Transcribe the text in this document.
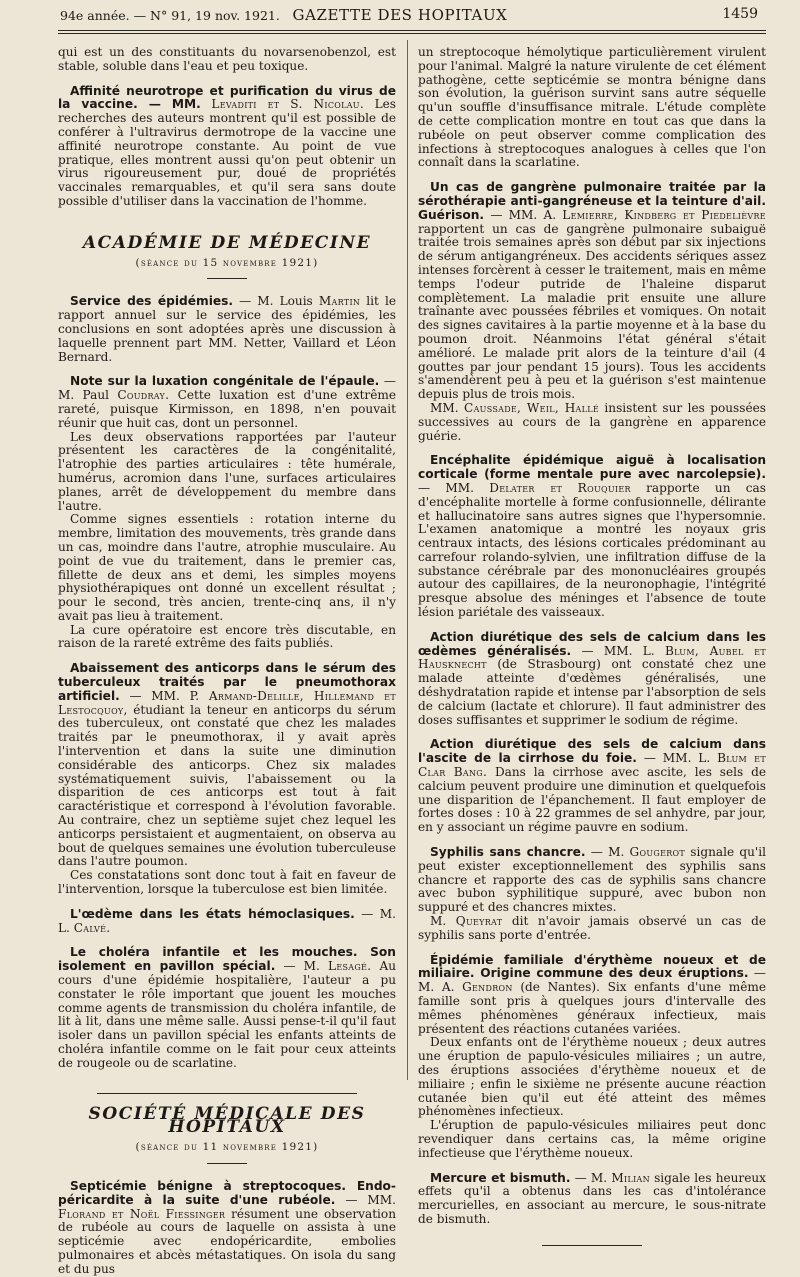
94e année. — N° 91, 19 nov. 1921. GAZETTE DES HOPITAUX	1459

qui est un des constituants du novarsenobenzol, est stable, soluble dans l'eau et peu toxique.

Affinité neurotrope et purification du virus de la vaccine. — MM. Levaditi et S. Nicolau. Les recherches des auteurs montrent qu'il est possible de conférer à l'ultravirus dermotrope de la vaccine une affinité neurotrope constante. Au point de vue pratique, elles montrent aussi qu'on peut obtenir un virus rigoureusement pur, doué de propriétés vaccinales remarquables, et qu'il sera sans doute possible d'utiliser dans la vaccination de l'homme.

ACADÉMIE DE MÉDECINE
(séance du 15 novembre 1921)

Service des épidémies. — M. Louis Martin lit le rapport annuel sur le service des épidémies, les conclusions en sont adoptées après une discussion à laquelle prennent part MM. Netter, Vaillard et Léon Bernard.

Note sur la luxation congénitale de l'épaule. — M. Paul Coudray. Cette luxation est d'une extrême rareté, puisque Kirmisson, en 1898, n'en pouvait réunir que huit cas, dont un personnel.

Les deux observations rapportées par l'auteur présentent les caractères de la congénitalité, l'atrophie des parties articulaires : tête humérale, humérus, acromion dans l'une, surfaces articulaires planes, arrêt de développement du membre dans l'autre.

Comme signes essentiels : rotation interne du membre, limitation des mouvements, très grande dans un cas, moindre dans l'autre, atrophie musculaire. Au point de vue du traitement, dans le premier cas, fillette de deux ans et demi, les simples moyens physiothérapiques ont donné un excellent résultat ; pour le second, très ancien, trente-cinq ans, il n'y avait pas lieu à traitement.

La cure opératoire est encore très discutable, en raison de la rareté extrême des faits publiés.

Abaissement des anticorps dans le sérum des tuberculeux traités par le pneumothorax artificiel. — MM. P. Armand-Delille, Hillemand et Lestocquoy, étudiant la teneur en anticorps du sérum des tuberculeux, ont constaté que chez les malades traités par le pneumothorax, il y avait après l'intervention et dans la suite une diminution considérable des anticorps. Chez six malades systématiquement suivis, l'abaissement ou la disparition de ces anticorps est tout à fait caractéristique et correspond à l'évolution favorable. Au contraire, chez un septième sujet chez lequel les anticorps persistaient et augmentaient, on observa au bout de quelques semaines une évolution tuberculeuse dans l'autre poumon.

Ces constatations sont donc tout à fait en faveur de l'intervention, lorsque la tuberculose est bien limitée.

L'œdème dans les états hémoclasiques. — M. L. Calvé.

Le choléra infantile et les mouches. Son isolement en pavillon spécial. — M. Lesagé. Au cours d'une épidémie hospitalière, l'auteur a pu constater le rôle important que jouent les mouches comme agents de transmission du choléra infantile, de lit à lit, dans une même salle. Aussi pense-t-il qu'il faut isoler dans un pavillon spécial les enfants atteints de choléra infantile comme on le fait pour ceux atteints de rougeole ou de scarlatine.

SOCIÉTÉ MÉDICALE DES HOPITAUX
(séance du 11 novembre 1921)

Septicémie bénigne à streptocoques. Endo-péricardite à la suite d'une rubéole. — MM. Florand et Noël Fiessinger résument une observation de rubéole au cours de laquelle on assista à une septicémie avec endopéricardite, embolies pulmonaires et abcès métastatiques. On isola du sang et du pus

un streptocoque hémolytique particulièrement virulent pour l'animal. Malgré la nature virulente de cet élément pathogène, cette septicémie se montra bénigne dans son évolution, la guérison survint sans autre séquelle qu'un souffle d'insuffisance mitrale. L'étude complète de cette complication montre en tout cas que dans la rubéole on peut observer comme complication des infections à streptocoques analogues à celles que l'on connaît dans la scarlatine.

Un cas de gangrène pulmonaire traitée par la sérothérapie anti-gangréneuse et la teinture d'ail. Guérison. — MM. A. Lemierre, Kindberg et Piedelièvre rapportent un cas de gangrène pulmonaire subaiguë traitée trois semaines après son début par six injections de sérum antigangréneux. Des accidents sériques assez intenses forcèrent à cesser le traitement, mais en même temps l'odeur putride de l'haleine disparut complètement. La maladie prit ensuite une allure traînante avec poussées fébriles et vomiques. On notait des signes cavitaires à la partie moyenne et à la base du poumon droit. Néanmoins l'état général s'était amélioré. Le malade prit alors de la teinture d'ail (4 gouttes par jour pendant 15 jours). Tous les accidents s'amendèrent peu à peu et la guérison s'est maintenue depuis plus de trois mois.

MM. Caussade, Weil, Hallé insistent sur les poussées successives au cours de la gangrène en apparence guérie.

Encéphalite épidémique aiguë à localisation corticale (forme mentale pure avec narcolepsie). — MM. Delater et Rouquier rapporte un cas d'encéphalite mortelle à forme confusionnelle, délirante et hallucinatoire sans autres signes que l'hypersomnie. L'examen anatomique a montré les noyaux gris centraux intacts, des lésions corticales prédominant au carrefour rolando-sylvien, une infiltration diffuse de la substance cérébrale par des mononucléaires groupés autour des capillaires, de la neuronophagie, l'intégrité presque absolue des méninges et l'absence de toute lésion pariétale des vaisseaux.

Action diurétique des sels de calcium dans les œdèmes généralisés. — MM. L. Blum, Aubel et Hausknecht (de Strasbourg) ont constaté chez une malade atteinte d'œdèmes généralisés, une déshydratation rapide et intense par l'absorption de sels de calcium (lactate et chlorure). Il faut administrer des doses suffisantes et supprimer le sodium de régime.

Action diurétique des sels de calcium dans l'ascite de la cirrhose du foie. — MM. L. Blum et Clar Bang. Dans la cirrhose avec ascite, les sels de calcium peuvent produire une diminution et quelquefois une disparition de l'épanchement. Il faut employer de fortes doses : 10 à 22 grammes de sel anhydre, par jour, en y associant un régime pauvre en sodium.

Syphilis sans chancre. — M. Gougerot signale qu'il peut exister exceptionnellement des syphilis sans chancre et rapporte des cas de syphilis sans chancre avec bubon syphilitique suppuré, avec bubon non suppuré et des chancres mixtes.

M. Queyrat dit n'avoir jamais observé un cas de syphilis sans porte d'entrée.

Épidémie familiale d'érythème noueux et de miliaire. Origine commune des deux éruptions. — M. A. Gendron (de Nantes). Six enfants d'une même famille sont pris à quelques jours d'intervalle des mêmes phénomènes généraux infectieux, mais présentent des réactions cutanées variées.

Deux enfants ont de l'érythème noueux ; deux autres une éruption de papulo-vésicules miliaires ; un autre, des éruptions associées d'érythème noueux et de miliaire ; enfin le sixième ne présente aucune réaction cutanée bien qu'il eut été atteint des mêmes phénomènes infectieux.

L'éruption de papulo-vésicules miliaires peut donc revendiquer dans certains cas, la même origine infectieuse que l'érythème noueux.

Mercure et bismuth. — M. Milian sigale les heureux effets qu'il a obtenus dans les cas d'intolérance mercurielles, en associant au mercure, le sous-nitrate de bismuth.
